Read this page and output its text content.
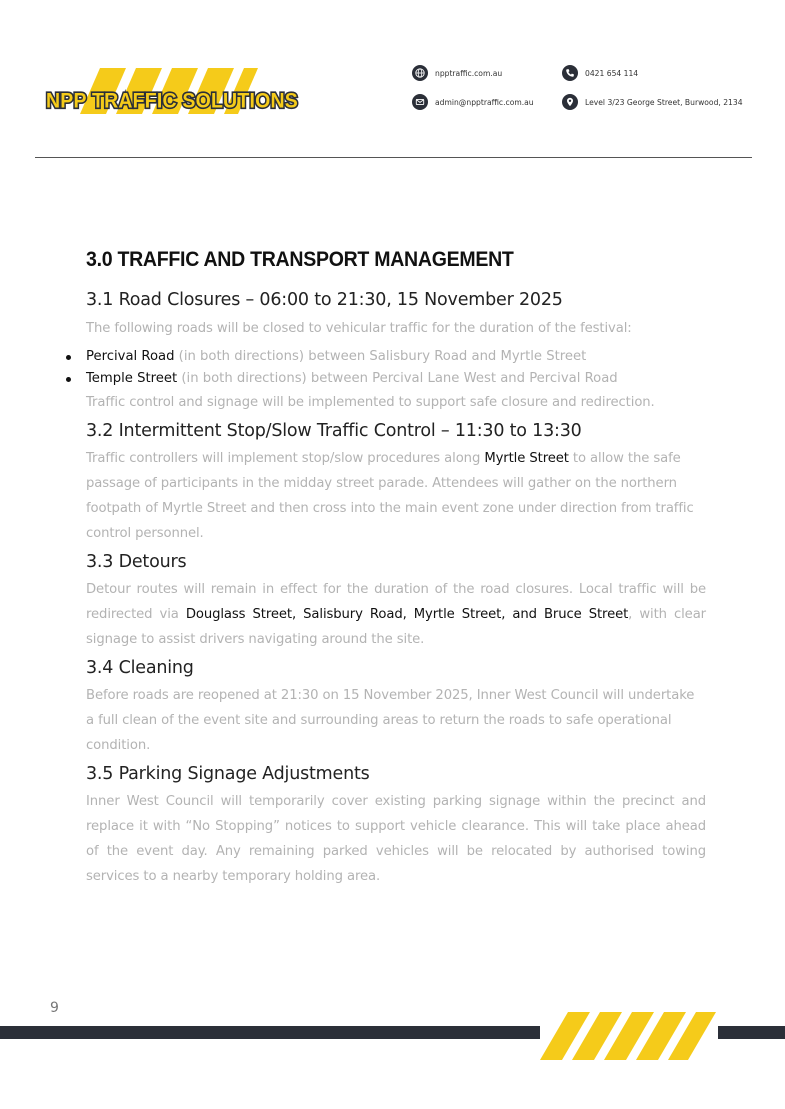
NPP TRAFFIC SOLUTIONS
npptraffic.com.au	0421 654 114
admin@npptraffic.com.au	Level 3/23 George Street, Burwood, 2134
3.0 TRAFFIC AND TRANSPORT MANAGEMENT
3.1 Road Closures – 06:00 to 21:30, 15 November 2025

The following roads will be closed to vehicular traffic for the duration of the festival:

Percival Road (in both directions) between Salisbury Road and Myrtle Street
Temple Street (in both directions) between Percival Lane West and Percival Road

Traffic control and signage will be implemented to support safe closure and redirection.

3.2 Intermittent Stop/Slow Traffic Control – 11:30 to 13:30

Traffic controllers will implement stop/slow procedures along Myrtle Street to allow the safe passage of participants in the midday street parade. Attendees will gather on the northern footpath of Myrtle Street and then cross into the main event zone under direction from traffic control personnel.

3.3 Detours

Detour routes will remain in effect for the duration of the road closures. Local traffic will be redirected via Douglass Street, Salisbury Road, Myrtle Street, and Bruce Street, with clear signage to assist drivers navigating around the site.

3.4 Cleaning

Before roads are reopened at 21:30 on 15 November 2025, Inner West Council will undertake a full clean of the event site and surrounding areas to return the roads to safe operational condition.

3.5 Parking Signage Adjustments

Inner West Council will temporarily cover existing parking signage within the precinct and replace it with “No Stopping” notices to support vehicle clearance. This will take place ahead of the event day. Any remaining parked vehicles will be relocated by authorised towing services to a nearby temporary holding area.

9
